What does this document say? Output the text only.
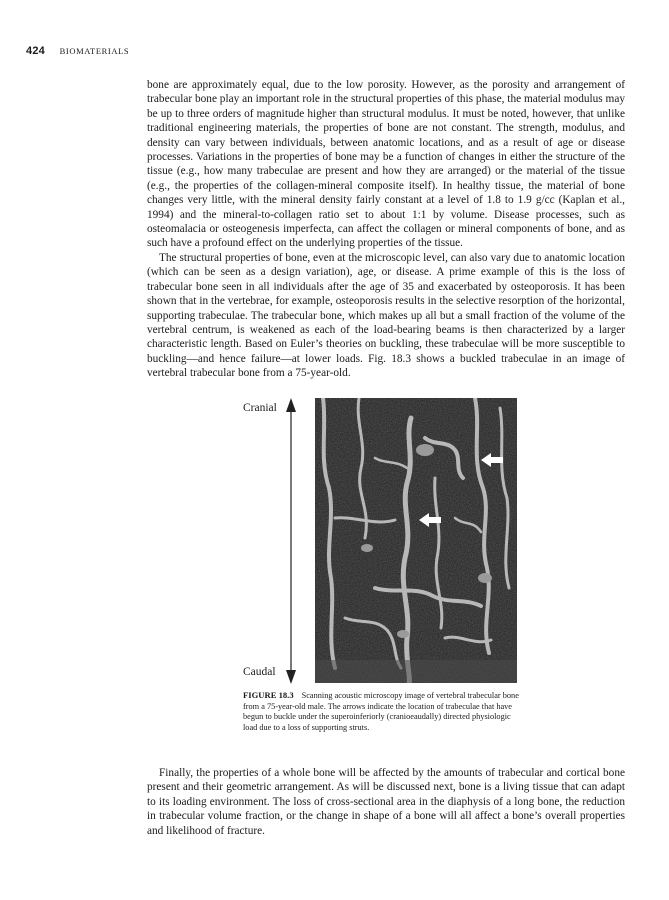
424 BIOMATERIALS

bone are approximately equal, due to the low porosity. However, as the porosity and arrangement of trabecular bone play an important role in the structural properties of this phase, the material modulus may be up to three orders of magnitude higher than structural modulus. It must be noted, however, that unlike traditional engineering materials, the properties of bone are not constant. The strength, modulus, and density can vary between individuals, between anatomic locations, and as a result of age or disease processes. Variations in the properties of bone may be a function of changes in either the structure of the tissue (e.g., how many trabeculae are present and how they are arranged) or the material of the tissue (e.g., the properties of the collagen-mineral composite itself). In healthy tissue, the material of bone changes very little, with the mineral density fairly constant at a level of 1.8 to 1.9 g/cc (Kaplan et al., 1994) and the mineral-to-collagen ratio set to about 1:1 by volume. Disease processes, such as osteomalacia or osteogenesis imperfecta, can affect the collagen or mineral components of bone, and as such have a profound effect on the underlying properties of the tissue.

The structural properties of bone, even at the microscopic level, can also vary due to anatomic location (which can be seen as a design variation), age, or disease. A prime example of this is the loss of trabecular bone seen in all individuals after the age of 35 and exacerbated by osteoporosis. It has been shown that in the vertebrae, for example, osteoporosis results in the selective resorption of the horizontal, supporting trabeculae. The trabecular bone, which makes up all but a small fraction of the volume of the vertebral centrum, is weakened as each of the load-bearing beams is then characterized by a larger characteristic length. Based on Euler’s theories on buckling, these trabeculae will be more susceptible to buckling—and hence failure—at lower loads. Fig. 18.3 shows a buckled trabeculae in an image of vertebral trabecular bone from a 75-year-old.

Cranial
Caudal
FIGURE 18.3 Scanning acoustic microscopy image of vertebral trabecular bone from a 75-year-old male. The arrows indicate the location of trabeculae that have begun to buckle under the superoinferiorly (cranioeaudally) directed physiologic load due to a loss of supporting struts.

Finally, the properties of a whole bone will be affected by the amounts of trabecular and cortical bone present and their geometric arrangement. As will be discussed next, bone is a living tissue that can adapt to its loading environment. The loss of cross-sectional area in the diaphysis of a long bone, the reduction in trabecular volume fraction, or the change in shape of a bone will all affect a bone’s overall properties and likelihood of fracture.
